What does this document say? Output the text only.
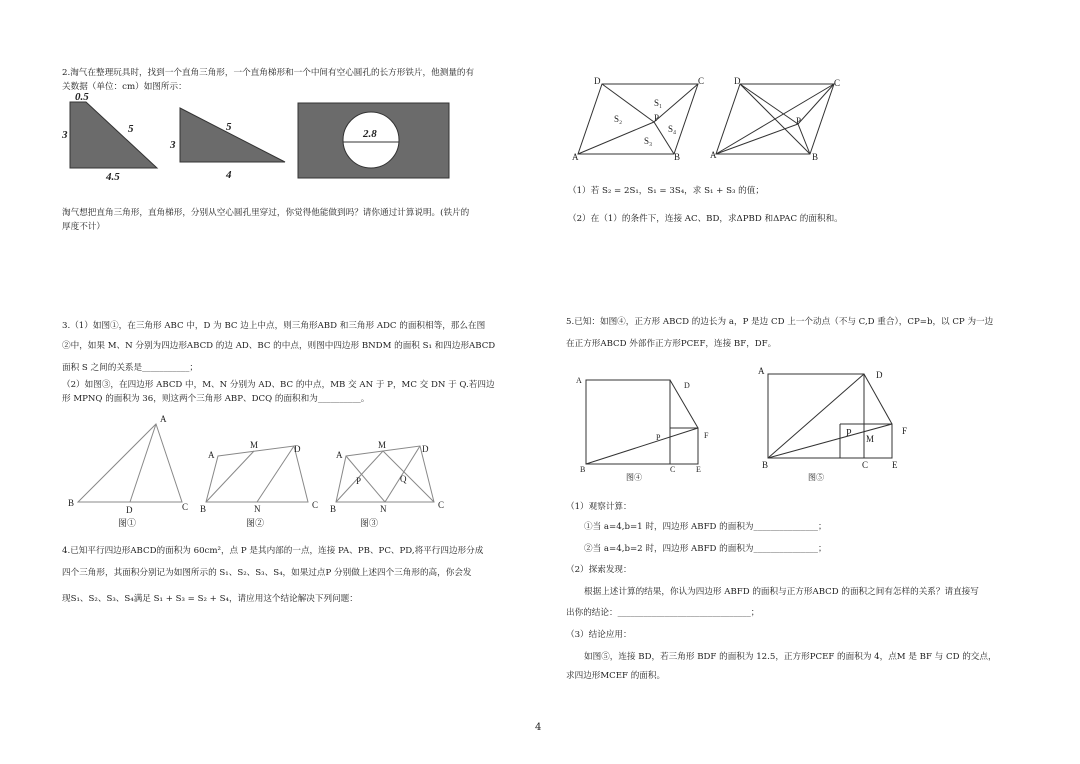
2.淘气在整理玩具时，找到一个直角三角形，一个直角梯形和一个中间有空心圆孔的长方形铁片，他测量的有
关数据（单位：cm）如图所示：
0.5
3	5
4.5
3
5
4
2.8
淘气想把直角三角形，直角梯形，分别从空心圆孔里穿过，你觉得他能做到吗？请你通过计算说明。(铁片的
厚度不计）
3.（1）如图①，在三角形 ABC 中，D 为 BC 边上中点，则三角形ABD 和三角形 ADC 的面积相等，那么在图
②中，如果 M、N 分别为四边形ABCD 的边 AD、BC 的中点，则图中四边形 BNDM 的面积 S₁ 和四边形ABCD
面积 S 之间的关系是___________；
（2）如图③，在四边形 ABCD 中，M、N 分别为 AD、BC 的中点，MB 交 AN 于 P，MC 交 DN 于 Q.若四边
形 MPNQ 的面积为 36，则这两个三角形 ABP、DCQ 的面积和为__________。
A
B	C
D
图①
A
M	D
B	N	C
图②
A
M	D
P	Q
B	N	C
图③
4.已知平行四边形ABCD的面积为 60cm²，点 P 是其内部的一点，连接 PA、PB、PC、PD,将平行四边形分成
四个三角形，其面积分别记为如图所示的 S₁、S₂、S₃、S₄，如果过点P 分别做上述四个三角形的高，你会发
现S₁、S₂、S₃、S₄满足 S₁ + S₃ = S₂ + S₄，请应用这个结论解决下列问题：
D	C
A	B
P
S₁
S₂
S₃
S₄
D	C
A	B
P
（1）若 S₂ = 2S₁，S₁ = 3S₄，求 S₁ + S₃ 的值；
（2）在（1）的条件下，连接 AC、BD，求ΔPBD 和ΔPAC 的面积和。
5.已知：如图④，正方形 ABCD 的边长为 a，P 是边 CD 上一个动点（不与 C,D 重合），CP=b，以 CP 为一边
在正方形ABCD 外部作正方形PCEF，连接 BF，DF。
A
D
P	F
B	C	E
图④
A	D
P M
F
B	C	E
图⑤
（1）观察计算：
①当 a=4,b=1 时，四边形 ABFD 的面积为_______________；
②当 a=4,b=2 时，四边形 ABFD 的面积为_______________；
（2）探索发现：
根据上述计算的结果，你认为四边形 ABFD 的面积与正方形ABCD 的面积之间有怎样的关系？请直接写
出你的结论：_______________________________；
（3）结论应用：
如图⑤，连接 BD，若三角形 BDF 的面积为 12.5，正方形PCEF 的面积为 4，点M 是 BF 与 CD 的交点，
求四边形MCEF 的面积。
4
